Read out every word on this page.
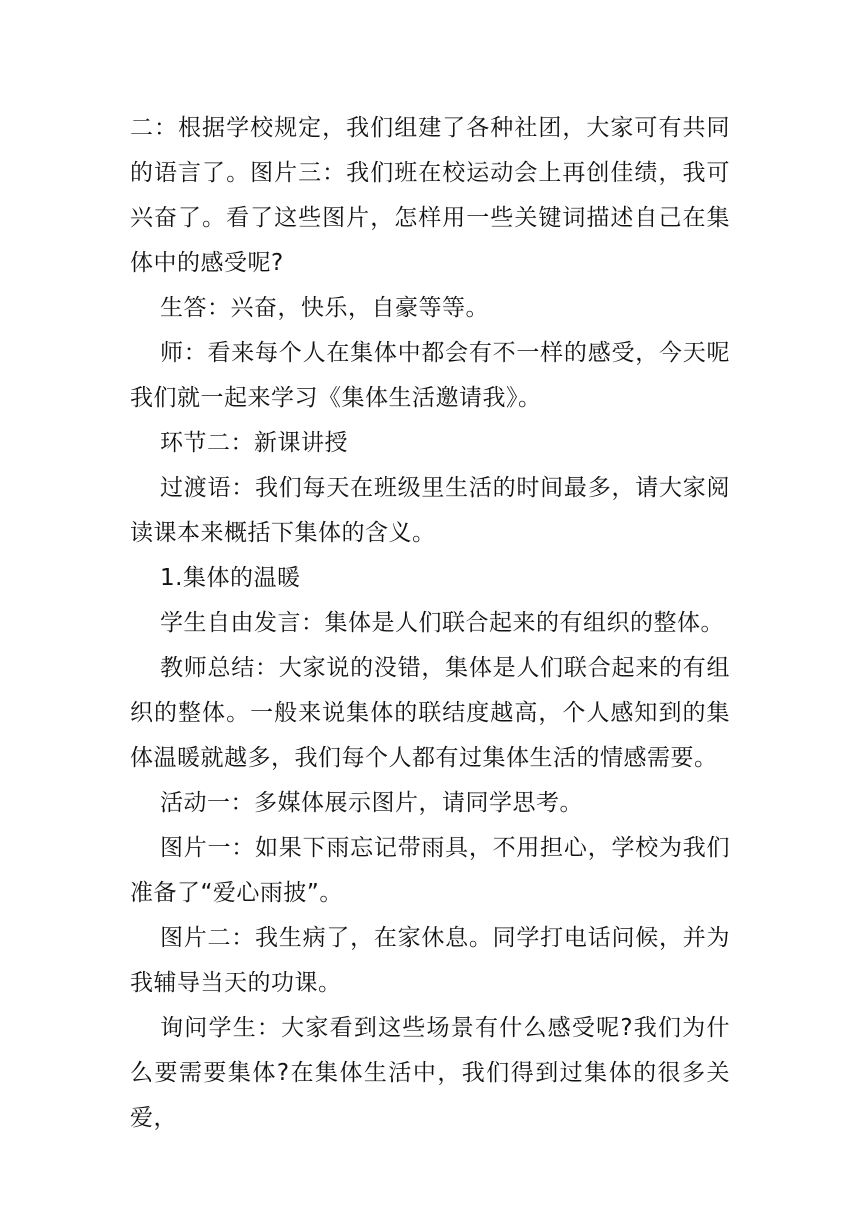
二：根据学校规定，我们组建了各种社团，大家可有共同的语言了。图片三：我们班在校运动会上再创佳绩，我可兴奋了。看了这些图片，怎样用一些关键词描述自己在集体中的感受呢?

生答：兴奋，快乐，自豪等等。

师：看来每个人在集体中都会有不一样的感受，今天呢我们就一起来学习《集体生活邀请我》。

环节二：新课讲授

过渡语：我们每天在班级里生活的时间最多，请大家阅读课本来概括下集体的含义。

1.集体的温暖

学生自由发言：集体是人们联合起来的有组织的整体。

教师总结：大家说的没错，集体是人们联合起来的有组织的整体。一般来说集体的联结度越高，个人感知到的集体温暖就越多，我们每个人都有过集体生活的情感需要。

活动一：多媒体展示图片，请同学思考。

图片一：如果下雨忘记带雨具，不用担心，学校为我们准备了“爱心雨披”。

图片二：我生病了，在家休息。同学打电话问候，并为我辅导当天的功课。

询问学生：大家看到这些场景有什么感受呢?我们为什么要需要集体?在集体生活中，我们得到过集体的很多关爱，
